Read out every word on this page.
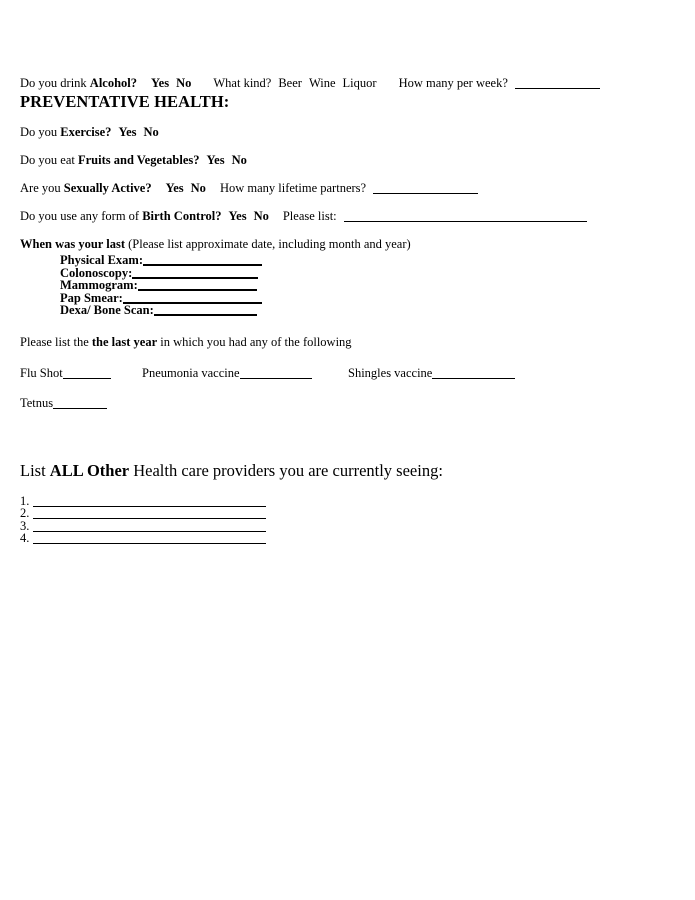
Do you drink Alcohol? Yes No What kind? Beer Wine Liquor How many per week?
PREVENTATIVE HEALTH:
Do you Exercise? Yes No
Do you eat Fruits and Vegetables? Yes No
Are you Sexually Active? Yes No How many lifetime partners?
Do you use any form of Birth Control? Yes No Please list:
When was your last (Please list approximate date, including month and year)
Physical Exam:
Colonoscopy:
Mammogram:
Pap Smear:
Dexa/ Bone Scan:
Please list the the last year in which you had any of the following
Flu Shot	Pneumonia vaccine	Shingles vaccine
Tetnus
List ALL Other Health care providers you are currently seeing:
1.
2.
3.
4.
